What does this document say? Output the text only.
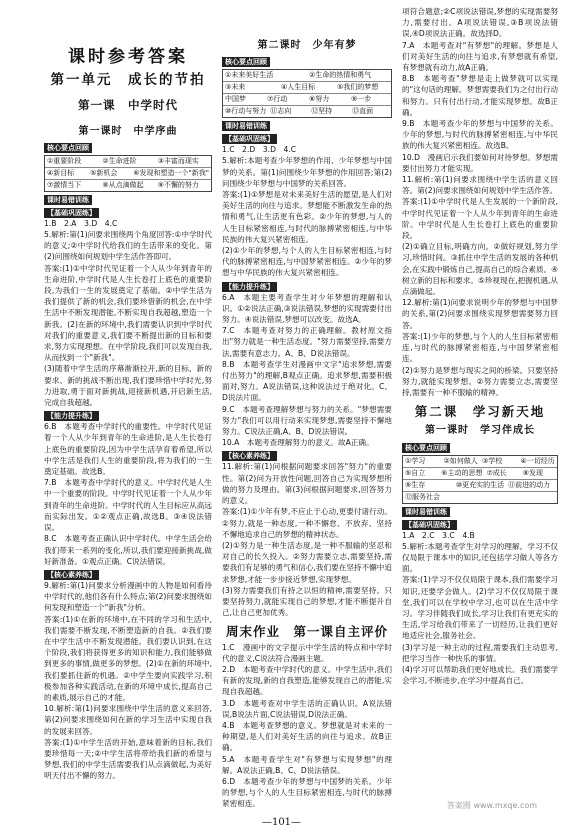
课时参考答案
第一单元　成长的节拍
第一课　中学时代
第一课时　中学序曲
核心要点回顾
①重要阶段	②生命进阶	③丰富而现实
④新目标	⑤新机会	⑥发现和塑造一个"新我"
⑦激情当下	⑧从点滴做起	⑨不懈的努力
课时易错训练
【基础巩固练】

1.B　2.A　3.D　4.C

5.解析:第(1)问要求围绕两个角度回答:①中学时代的意义;②中学时代给我们的生活带来的变化。第(2)问围绕如何规划中学生活作答即可。

答案:(1)①中学时代见证着一个人从少年到青年的生命进阶,中学时代是人生长卷打上底色的重要阶段,为我们一生的发展奠定了基础。②中学生活为我们提供了新的机会,我们要珍惜新的机会,在中学生活中不断发现潜能,不断实现自我超越,塑造一个新我。(2)在新的环境中,我们需要认识到中学时代对我们的重要意义,我们要不断提出新的目标和要求,努力实现理想。在中学阶段,我们可以发现自我,从而找到一个"新我"。

(3)随着中学生活的序幕渐渐拉开,新的目标、新的要求、新的挑战不断出现,我们要珍惜中学时光,努力进取,勇于面对新挑战,迎接新机遇,开启新生活,完成自我超越。

【能力提升练】

6.B　本题考查中学时代的重要性。中学时代见证着一个人从少年到青年的生命进阶,是人生长卷打上底色的重要阶段,因为中学生活孕育着希望,所以中学生活是我们人生的重要阶段,将为我们的一生奠定基础。故选B。

7.B　本题考查中学时代的意义。中学时代是人生中一个重要的阶段。中学时代见证着一个人从少年到青年的生命进阶。中学时代的人生目标应从高远而实际出发。①②观点正确,故选B。③④说法错误。

8.C　本题考查正确认识中学时代。中学生活会给我们带来一系列的变化,所以,我们要迎接新挑战,做好新准备。①观点正确。C说法错误。

【核心素养练】

9.解析:第(1)问要求分析漫画中的人物是如何看待中学时代的,他们各有什么特点;第(2)问要求围绕如何发现和塑造一个"新我"分析。

答案:(1)①在新的环境中,在不同的学习和生活中,我们需要不断发现,不断塑造新的自我。②我们要在中学生活中不断发现潜能。我们要认识到,在这个阶段,我们将获得更多的知识和能力,我们能够做到更多的事情,做更多的梦想。(2)①在新的环境中,我们要抓住新的机遇。②中学生要向实践学习,积极参加各种实践活动,在新的环境中成长,提高自己的素质,展示自己的才能。

10.解析:第(1)问要求围绕中学生活的意义来回答,第(2)问要求围绕如何在新的学习生活中实现自我的发展来回答。

答案:(1)①中学生活的开始,意味着新的目标,我们要珍惜每一天;②中学生活将带给我们新的希望与梦想,我们的中学生活需要我们从点滴做起,为美好明天付出不懈的努力。

第二课时　少年有梦
核心要点回顾
①未来美好生活	②生命的热情和勇气
③未来	④人生目标	⑤我们的梦想
中国梦	⑦行动	⑧努力	⑨一步
⑩行动与努力 ⑪志向	⑫坚持	⑬直面
课时易错训练
【基础巩固练】

1.C　2.D　3.D　4.C

5.解析:本题考查少年梦想的作用、少年梦想与中国梦的关系。第(1)问围绕少年梦想的作用回答;第(2)问围绕少年梦想与中国梦的关系回答。

答案:(1)①梦想是对未来美好生活的愿望,是人们对美好生活的向往与追求。梦想能不断激发生命的热情和勇气,让生活更有色彩。②少年的梦想,与人的人生目标紧密相连,与时代的脉搏紧密相连,与中华民族的伟大复兴紧密相连。

(2)①少年的梦想,与个人的人生目标紧密相连,与时代的脉搏紧密相连,与中国梦紧密相连。②少年的梦想与中华民族的伟大复兴紧密相连。

【能力提升练】

6.A　本题主要考查学生对少年梦想的理解和认识。①②说法正确,③说法错误,梦想的实现需要付出努力。④说法错误,梦想可以改变。故选A。

7.C　本题考查对努力的正确理解。教材原文指出"努力就是一种生活态度。"努力需要坚持,需要方法,需要有意志力。A、B、D说法错误。

8.B　本题考查学生对漫画中文字"追求梦想,需要付出努力"的理解,B观点正确。追求梦想,需要积极面对,努力。A说法错误,这种说法过于绝对化。C、D说法片面。

9.C　本题考查理解梦想与努力的关系。"梦想需要努力"我们可以用行动来实现梦想,需要坚持不懈地努力。C说法正确,A、B、D说法错误。

10.A　本题考查理解努力的意义。故A正确。

【核心素养练】

11.解析:第(1)问根据问题要求回答"努力"的重要性。第(2)问为开放性问题,回答自己为实现梦想所做的努力及理由。第(3)问根据问题要求,回答努力的意义。

答案:(1)①少年有梦,不应止于心动,更要付诸行动。②努力,就是一种态度,一种不懈怠、不放弃、坚持不懈地追求自己的梦想的精神状态。

(2)①努力是一种生活态度,是一种不服输的坚忍和对自己的长久投入。②努力需要立志,需要坚持,需要我们有足够的勇气和信心,我们要在坚持不懈中追求梦想,才能一步步接近梦想,实现梦想。

(3)努力需要我们有持之以恒的精神,需要坚持。只要坚持努力,就能实现自己的梦想,才能不断提升自己,让自己更加优秀。

周末作业　第一课自主评价

1.C　漫画中的文字提示中学生活的特点和中学时代的意义,C说法符合漫画主题。

2.D　本题考查中学时代的意义。中学生活中,我们有新的发现,新的自我塑造,能够发现自己的潜能,实现自我超越。

3.D　本题考查对中学生活的正确认识。A说法错误,B说法片面,C说法错误,D说法正确。

4.B　本题考查梦想的意义。梦想就是对未来的一种期望,是人们对美好生活的向往与追求。故B正确。

5.A　本题考查学生对"有梦想与实现梦想"的理解。A说法正确,B、C、D说法错误。

6.D　本题考查少年的梦想与中国梦的关系。少年的梦想,与个人的人生目标紧密相连,与时代的脉搏紧密相连。

项符合题意;②C项说法错误,梦想的实现需要努力,需要付出。A项说法错误,③B项说法错误,④D项说法正确。故选择D。

7.A　本题考查对"有梦想"的理解。梦想是人们对美好生活的向往与追求,有梦想就有希望,有梦想就有动力,故A正确。

8.B　本题考查"梦想是走上做梦就可以实现的"这句话的理解。梦想需要我们为之付出行动和努力。只有付出行动,才能实现梦想。故B正确。

9.B　本题考查少年的梦想与中国梦的关系。少年的梦想,与时代的脉搏紧密相连,与中华民族的伟大复兴紧密相连。故选B。

10.D　漫画启示我们要如何对待梦想。梦想需要付出努力才能实现。

11.解析:第(1)问要求围绕中学生活的意义回答。第(2)问要求围绕如何规划中学生活作答。

答案:(1)①中学时代是人生发展的一个新阶段,中学时代见证着一个人从少年到青年的生命进阶。中学时代是人生长卷打上底色的重要阶段。

(2)①确立目标,明确方向。②做好规划,努力学习,珍惜时间。③抓住中学生活的发展的各种机会,在实践中锻炼自己,提高自己的综合素质。④树立新的目标和要求。⑤珍视现在,把握机遇,从点滴做起。

12.解析:第(1)问要求说明少年的梦想与中国梦的关系,第(2)问要求围绕实现梦想需要努力回答。

答案:(1)少年的梦想,与个人的人生目标紧密相连,与时代的脉搏紧密相连,与中国梦紧密相连。

(2)①努力是梦想与现实之间的桥梁。只要坚持努力,就能实现梦想。②努力需要立志,需要坚持,需要有一种不服输的精神。

第二课　学习新天地
第一课时　学习伴成长
核心要点回顾
①学习	②如何做人 ③学校	④一切经历
⑤自立	⑥主动的思想 ⑦成长	⑧发现
⑨生存	⑩更充实的生活 ⑪前进的动力
⑫服务社会
课时易错训练
【基础巩固练】

1.A　2.C　3.C　4.B

5.解析:本题考查学生对学习的理解。学习不仅仅局限于课本中的知识,还包括学习做人等各方面。

答案:(1)学习不仅仅局限于课本,我们需要学习知识,还要学会做人。(2)学习不仅仅局限于课堂,我们可以在学校中学习,也可以在生活中学习。学习伴随我们成长,学习让我们有更充实的生活,学习给我们带来了一切经历,让我们更好地适应社会,服务社会。

(3)学习是一种主动的过程,需要我们主动思考,把学习当作一种快乐的事情。

(4)学习可以帮助我们更好地成长。我们需要学会学习,不断进步,在学习中提高自己。

答案圈 www.mxqe.com
—101—
